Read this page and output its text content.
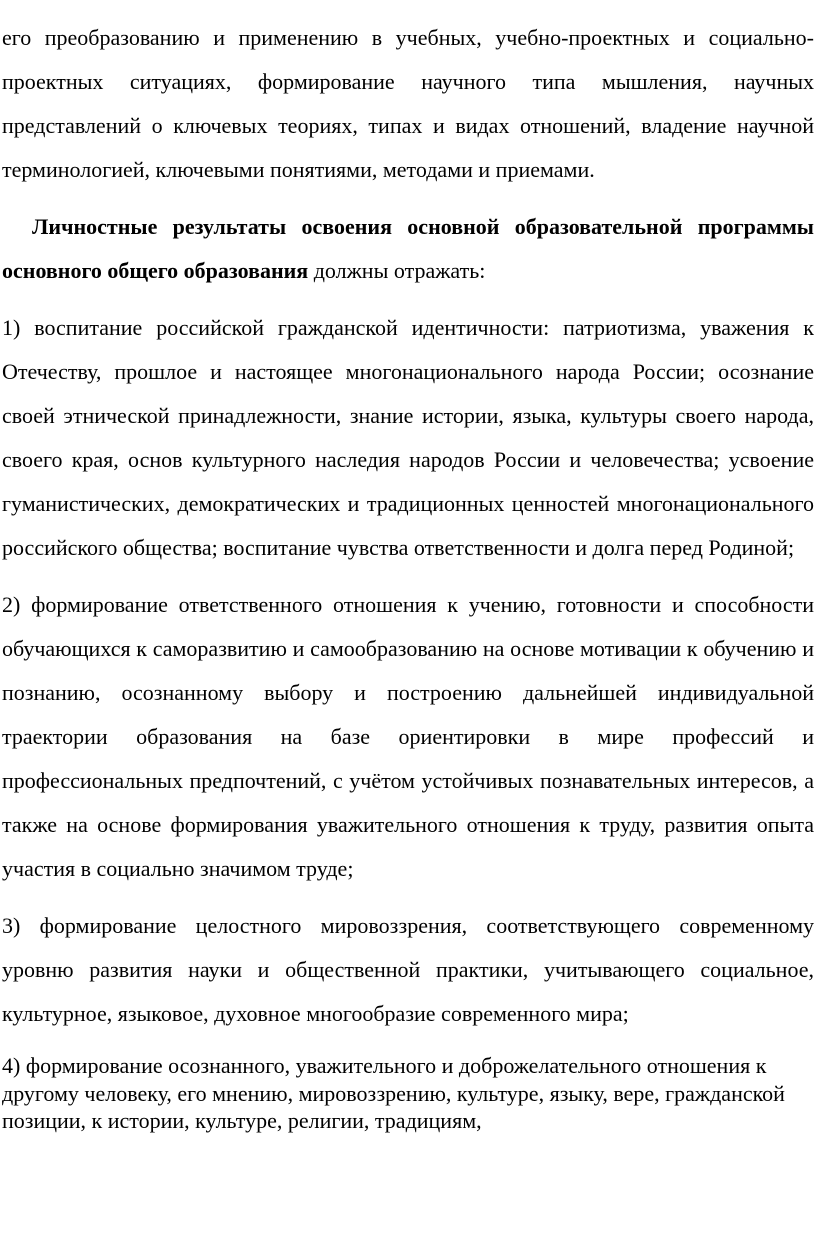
его преобразованию и применению в учебных, учебно-проектных и социально-проектных ситуациях, формирование научного типа мышления, научных представлений о ключевых теориях, типах и видах отношений, владение научной терминологией, ключевыми понятиями, методами и приемами.

Личностные результаты освоения основной образовательной программы основного общего образования должны отражать:

1) воспитание российской гражданской идентичности: патриотизма, уважения к Отечеству, прошлое и настоящее многонационального народа России; осознание своей этнической принадлежности, знание истории, языка, культуры своего народа, своего края, основ культурного наследия народов России и человечества; усвоение гуманистических, демократических и традиционных ценностей многонационального российского общества; воспитание чувства ответственности и долга перед Родиной;

2) формирование ответственного отношения к учению, готовности и способности обучающихся к саморазвитию и самообразованию на основе мотивации к обучению и познанию, осознанному выбору и построению дальнейшей индивидуальной траектории образования на базе ориентировки в мире профессий и профессиональных предпочтений, с учётом устойчивых познавательных интересов, а также на основе формирования уважительного отношения к труду, развития опыта участия в социально значимом труде;

3) формирование целостного мировоззрения, соответствующего современному уровню развития науки и общественной практики, учитывающего социальное, культурное, языковое, духовное многообразие современного мира;

4) формирование осознанного, уважительного и доброжелательного отношения к другому человеку, его мнению, мировоззрению, культуре, языку, вере, гражданской позиции, к истории, культуре, религии, традициям,
